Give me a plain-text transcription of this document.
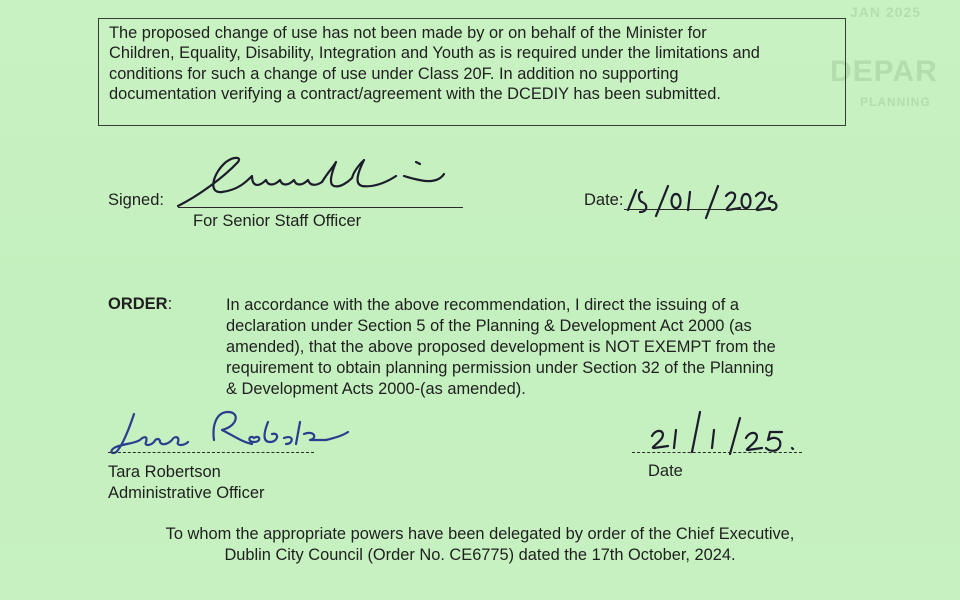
JAN 2025
DEPAR
PLANNING
The proposed change of use has not been made by or on behalf of the Minister for
Children, Equality, Disability, Integration and Youth as is required under the limitations and
conditions for such a change of use under Class 20F. In addition no supporting
documentation verifying a contract/agreement with the DCEDIY has been submitted.
Signed:
For Senior Staff Officer
Date:
ORDER:	In accordance with the above recommendation, I direct the issuing of a
declaration under Section 5 of the Planning & Development Act 2000 (as
amended), that the above proposed development is NOT EXEMPT from the
requirement to obtain planning permission under Section 32 of the Planning
& Development Acts 2000-(as amended).
Tara Robertson
Administrative Officer
Date
To whom the appropriate powers have been delegated by order of the Chief Executive,
Dublin City Council (Order No. CE6775) dated the 17th October, 2024.
